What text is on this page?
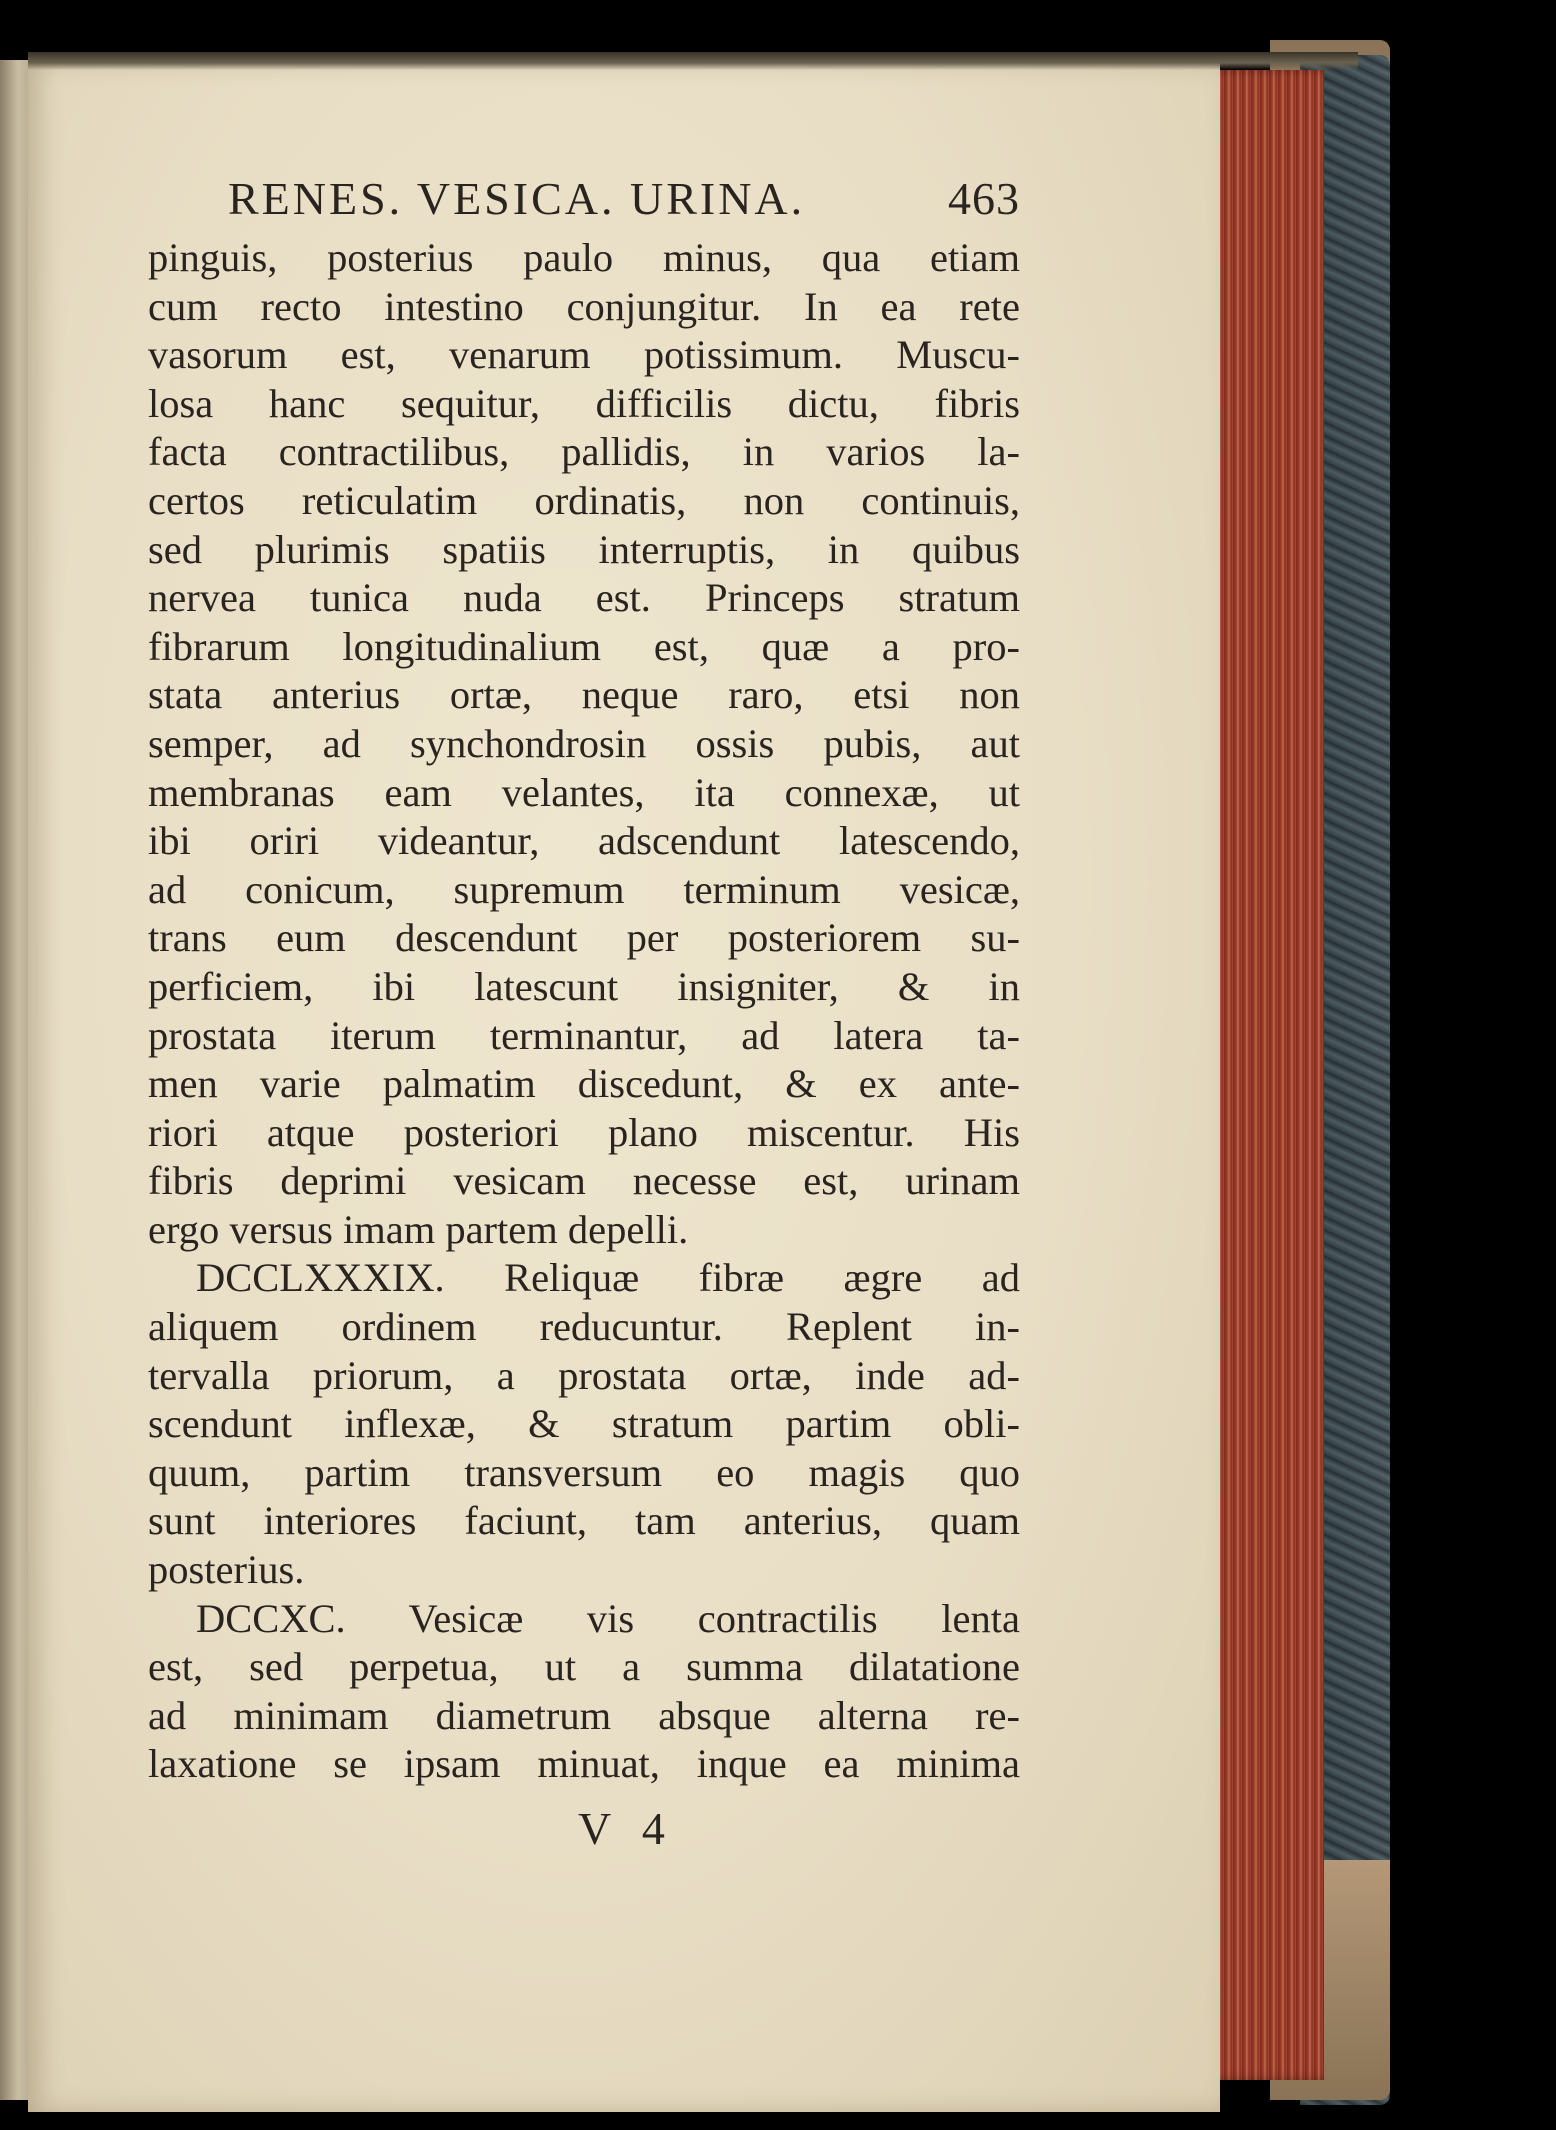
RENES. VESICA. URINA.	463
pinguis, posterius paulo minus, qua etiam
cum recto intestino conjungitur. In ea rete
vasorum est, venarum potissimum. Muscu-
losa hanc sequitur, difficilis dictu, fibris
facta contractilibus, pallidis, in varios la-
certos reticulatim ordinatis, non continuis,
sed plurimis spatiis interruptis, in quibus
nervea tunica nuda est. Princeps stratum
fibrarum longitudinalium est, quæ a pro-
stata anterius ortæ, neque raro, etsi non
semper, ad synchondrosin ossis pubis, aut
membranas eam velantes, ita connexæ, ut
ibi oriri videantur, adscendunt latescendo,
ad conicum, supremum terminum vesicæ,
trans eum descendunt per posteriorem su-
perficiem, ibi latescunt insigniter, & in
prostata iterum terminantur, ad latera ta-
men varie palmatim discedunt, & ex ante-
riori atque posteriori plano miscentur. His
fibris deprimi vesicam necesse est, urinam
ergo versus imam partem depelli.
DCCLXXXIX. Reliquæ fibræ ægre ad
aliquem ordinem reducuntur. Replent in-
tervalla priorum, a prostata ortæ, inde ad-
scendunt inflexæ, & stratum partim obli-
quum, partim transversum eo magis quo
sunt interiores faciunt, tam anterius, quam
posterius.
DCCXC. Vesicæ vis contractilis lenta
est, sed perpetua, ut a summa dilatatione
ad minimam diametrum absque alterna re-
laxatione se ipsam minuat, inque ea minima
V 4
